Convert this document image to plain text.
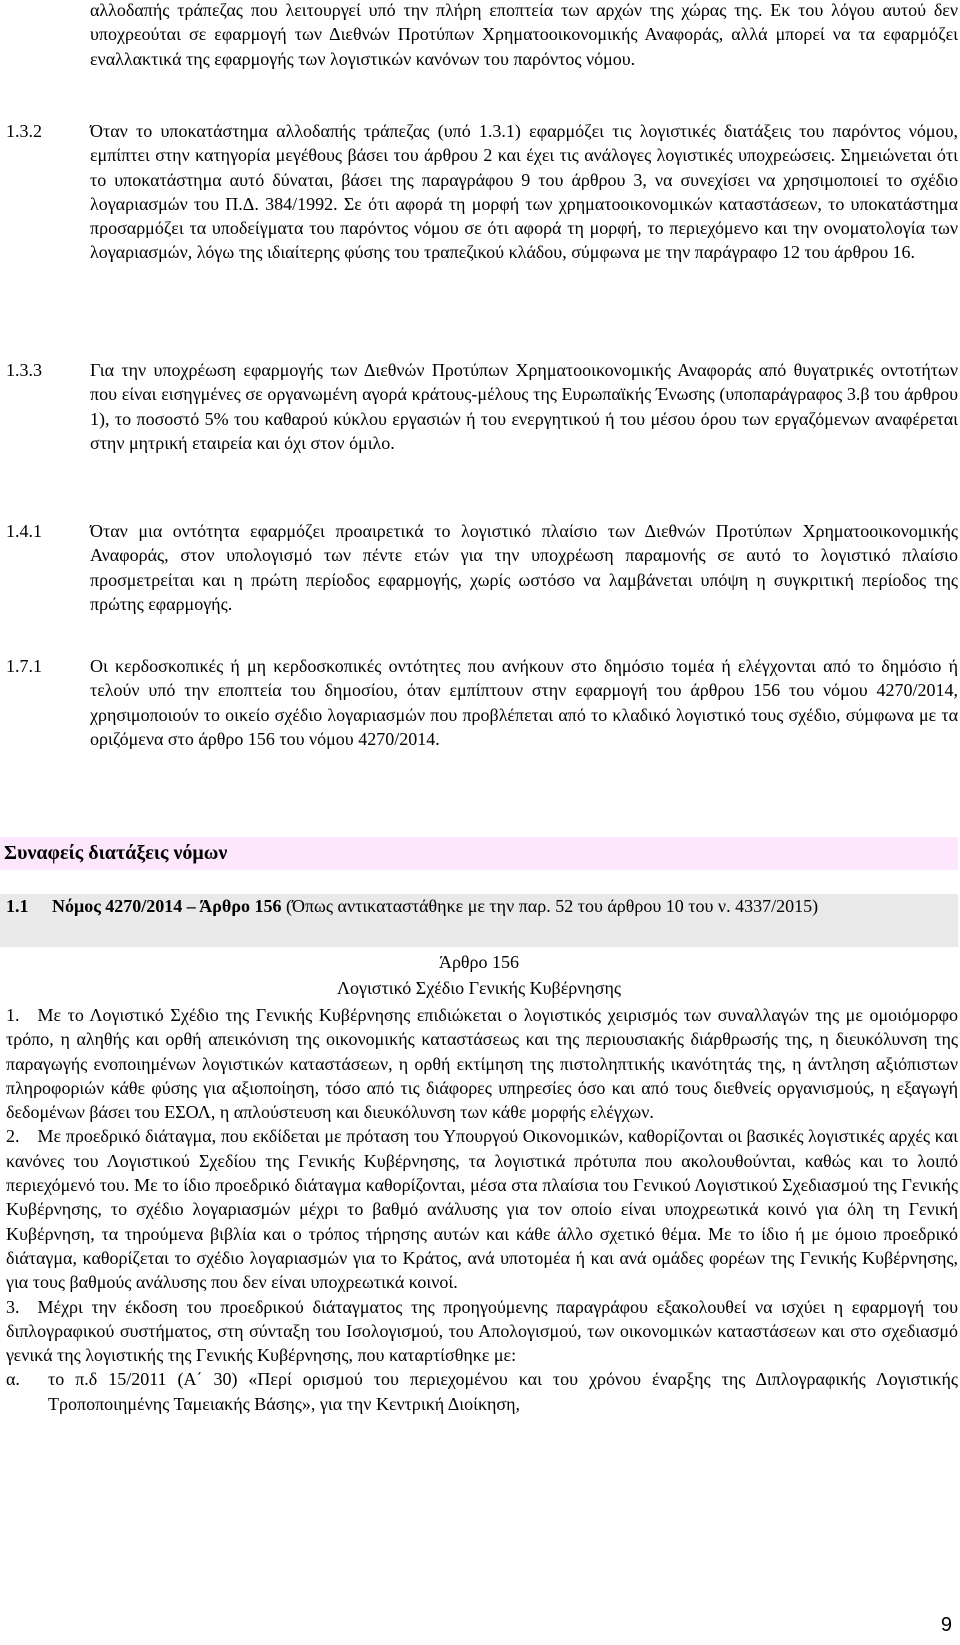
αλλοδαπής τράπεζας που λειτουργεί υπό την πλήρη εποπτεία των αρχών της χώρας της. Εκ του λόγου αυτού δεν υποχρεούται σε εφαρμογή των Διεθνών Προτύπων Χρηματοοικονομικής Αναφοράς, αλλά μπορεί να τα εφαρμόζει εναλλακτικά της εφαρμογής των λογιστικών κανόνων του παρόντος νόμου.
1.3.2	Όταν το υποκατάστημα αλλοδαπής τράπεζας (υπό 1.3.1) εφαρμόζει τις λογιστικές διατάξεις του παρόντος νόμου, εμπίπτει στην κατηγορία μεγέθους βάσει του άρθρου 2 και έχει τις ανάλογες λογιστικές υποχρεώσεις. Σημειώνεται ότι το υποκατάστημα αυτό δύναται, βάσει της παραγράφου 9 του άρθρου 3, να συνεχίσει να χρησιμοποιεί το σχέδιο λογαριασμών του Π.Δ. 384/1992. Σε ότι αφορά τη μορφή των χρηματοοικονομικών καταστάσεων, το υποκατάστημα προσαρμόζει τα υποδείγματα του παρόντος νόμου σε ότι αφορά τη μορφή, το περιεχόμενο και την ονοματολογία των λογαριασμών, λόγω της ιδιαίτερης φύσης του τραπεζικού κλάδου, σύμφωνα με την παράγραφο 12 του άρθρου 16.
1.3.3	Για την υποχρέωση εφαρμογής των Διεθνών Προτύπων Χρηματοοικονομικής Αναφοράς από θυγατρικές οντοτήτων που είναι εισηγμένες σε οργανωμένη αγορά κράτους-μέλους της Ευρωπαϊκής Ένωσης (υποπαράγραφος 3.β του άρθρου 1), το ποσοστό 5% του καθαρού κύκλου εργασιών ή του ενεργητικού ή του μέσου όρου των εργαζόμενων αναφέρεται στην μητρική εταιρεία και όχι στον όμιλο.
1.4.1	Όταν μια οντότητα εφαρμόζει προαιρετικά το λογιστικό πλαίσιο των Διεθνών Προτύπων Χρηματοοικονομικής Αναφοράς, στον υπολογισμό των πέντε ετών για την υποχρέωση παραμονής σε αυτό το λογιστικό πλαίσιο προσμετρείται και η πρώτη περίοδος εφαρμογής, χωρίς ωστόσο να λαμβάνεται υπόψη η συγκριτική περίοδος της πρώτης εφαρμογής.
1.7.1	Οι κερδοσκοπικές ή μη κερδοσκοπικές οντότητες που ανήκουν στο δημόσιο τομέα ή ελέγχονται από το δημόσιο ή τελούν υπό την εποπτεία του δημοσίου, όταν εμπίπτουν στην εφαρμογή του άρθρου 156 του νόμου 4270/2014, χρησιμοποιούν το οικείο σχέδιο λογαριασμών που προβλέπεται από το κλαδικό λογιστικό τους σχέδιο, σύμφωνα με τα οριζόμενα στο άρθρο 156 του νόμου 4270/2014.
Συναφείς διατάξεις νόμων
1.1 Νόμος 4270/2014 – Άρθρο 156 (Όπως αντικαταστάθηκε με την παρ. 52 του άρθρου 10 του ν. 4337/2015)
Άρθρο 156
Λογιστικό Σχέδιο Γενικής Κυβέρνησης

1. Με το Λογιστικό Σχέδιο της Γενικής Κυβέρνησης επιδιώκεται ο λογιστικός χειρισμός των συναλλαγών της με ομοιόμορφο τρόπο, η αληθής και ορθή απεικόνιση της οικονομικής καταστάσεως και της περιουσιακής διάρθρωσής της, η διευκόλυνση της παραγωγής ενοποιημένων λογιστικών καταστάσεων, η ορθή εκτίμηση της πιστοληπτικής ικανότητάς της, η άντληση αξιόπιστων πληροφοριών κάθε φύσης για αξιοποίηση, τόσο από τις διάφορες υπηρεσίες όσο και από τους διεθνείς οργανισμούς, η εξαγωγή δεδομένων βάσει του ΕΣΟΛ, η απλούστευση και διευκόλυνση των κάθε μορφής ελέγχων.

2. Με προεδρικό διάταγμα, που εκδίδεται με πρόταση του Υπουργού Οικονομικών, καθορίζονται οι βασικές λογιστικές αρχές και κανόνες του Λογιστικού Σχεδίου της Γενικής Κυβέρνησης, τα λογιστικά πρότυπα που ακολουθούνται, καθώς και το λοιπό περιεχόμενό του. Με το ίδιο προεδρικό διάταγμα καθορίζονται, μέσα στα πλαίσια του Γενικού Λογιστικού Σχεδιασμού της Γενικής Κυβέρνησης, το σχέδιο λογαριασμών μέχρι το βαθμό ανάλυσης για τον οποίο είναι υποχρεωτικά κοινό για όλη τη Γενική Κυβέρνηση, τα τηρούμενα βιβλία και ο τρόπος τήρησης αυτών και κάθε άλλο σχετικό θέμα. Με το ίδιο ή με όμοιο προεδρικό διάταγμα, καθορίζεται το σχέδιο λογαριασμών για το Κράτος, ανά υποτομέα ή και ανά ομάδες φορέων της Γενικής Κυβέρνησης, για τους βαθμούς ανάλυσης που δεν είναι υποχρεωτικά κοινοί.

3. Μέχρι την έκδοση του προεδρικού διάταγματος της προηγούμενης παραγράφου εξακολουθεί να ισχύει η εφαρμογή του διπλογραφικού συστήματος, στη σύνταξη του Ισολογισμού, του Απολογισμού, των οικονομικών καταστάσεων και στο σχεδιασμό γενικά της λογιστικής της Γενικής Κυβέρνησης, που καταρτίσθηκε με:

α.	το π.δ 15/2011 (Α΄ 30) «Περί ορισμού του περιεχομένου και του χρόνου έναρξης της Διπλογραφικής Λογιστικής Τροποποιημένης Ταμειακής Βάσης», για την Κεντρική Διοίκηση,
9
